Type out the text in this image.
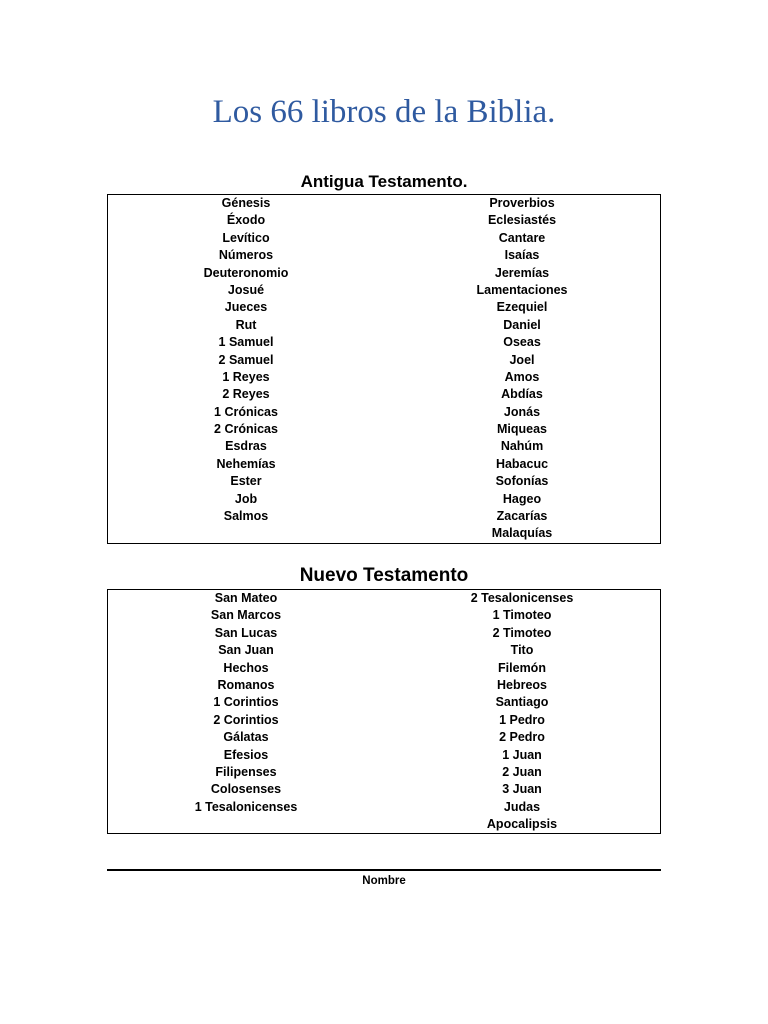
Los 66 libros de la Biblia.
Antigua Testamento.
Génesis
Éxodo
Levítico
Números
Deuteronomio
Josué
Jueces
Rut
1 Samuel
2 Samuel
1 Reyes
2 Reyes
1 Crónicas
2 Crónicas
Esdras
Nehemías
Ester
Job
Salmos
Proverbios
Eclesiastés
Cantare
Isaías
Jeremías
Lamentaciones
Ezequiel
Daniel
Oseas
Joel
Amos
Abdías
Jonás
Miqueas
Nahúm
Habacuc
Sofonías
Hageo
Zacarías
Malaquías
Nuevo Testamento
San Mateo
San Marcos
San Lucas
San Juan
Hechos
Romanos
1 Corintios
2 Corintios
Gálatas
Efesios
Filipenses
Colosenses
1 Tesalonicenses
2 Tesalonicenses
1 Timoteo
2 Timoteo
Tito
Filemón
Hebreos
Santiago
1 Pedro
2 Pedro
1 Juan
2 Juan
3 Juan
Judas
Apocalipsis
Nombre
